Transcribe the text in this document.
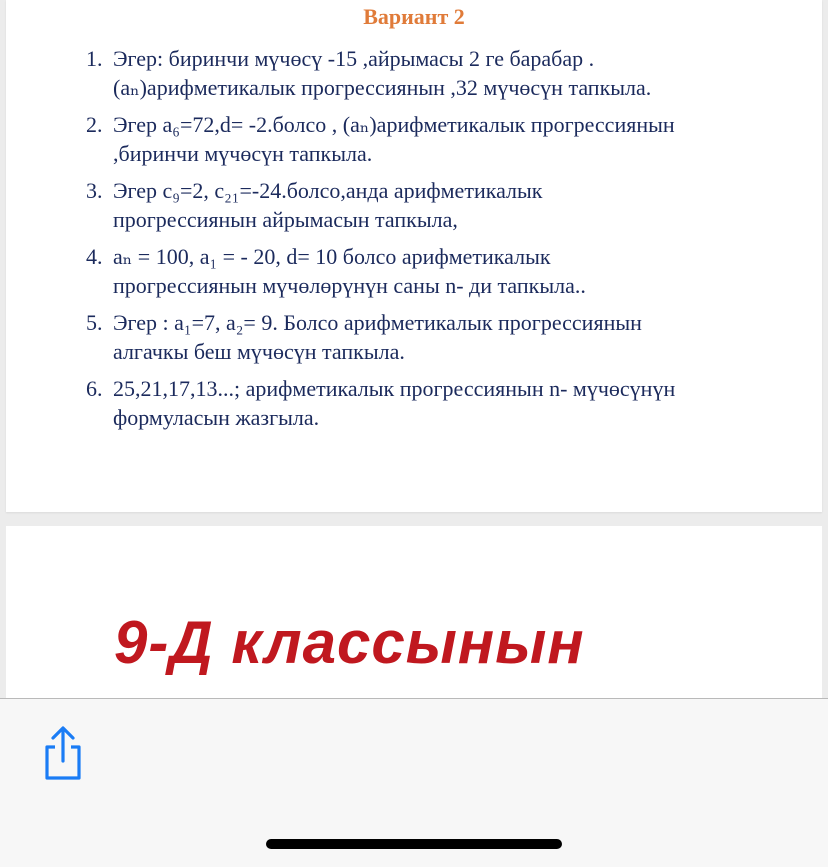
Вариант 2
1. Эгер: биринчи мүчөсү -15 ,айрымасы 2 ге барабар .
(aₙ)арифметикалык прогрессиянын ,32 мүчөсүн тапкыла.
2. Эгер a₆=72,d= -2.болсо , (aₙ)арифметикалык прогрессиянын
,биринчи мүчөсүн тапкыла.
3. Эгер c₉=2, c₂₁=-24.болсо,анда арифметикалык
прогрессиянын айрымасын тапкыла,
4. aₙ = 100, a₁ = - 20, d= 10 болсо арифметикалык
прогрессиянын мүчөлөрүнүн саны n- ди тапкыла..
5. Эгер : a₁=7, a₂= 9. Болсо арифметикалык прогрессиянын
алгачкы беш мүчөсүн тапкыла.
6. 25,21,17,13...; арифметикалык прогрессиянын n- мүчөсүнүн
формуласын жазгыла.
9-Д классынын
